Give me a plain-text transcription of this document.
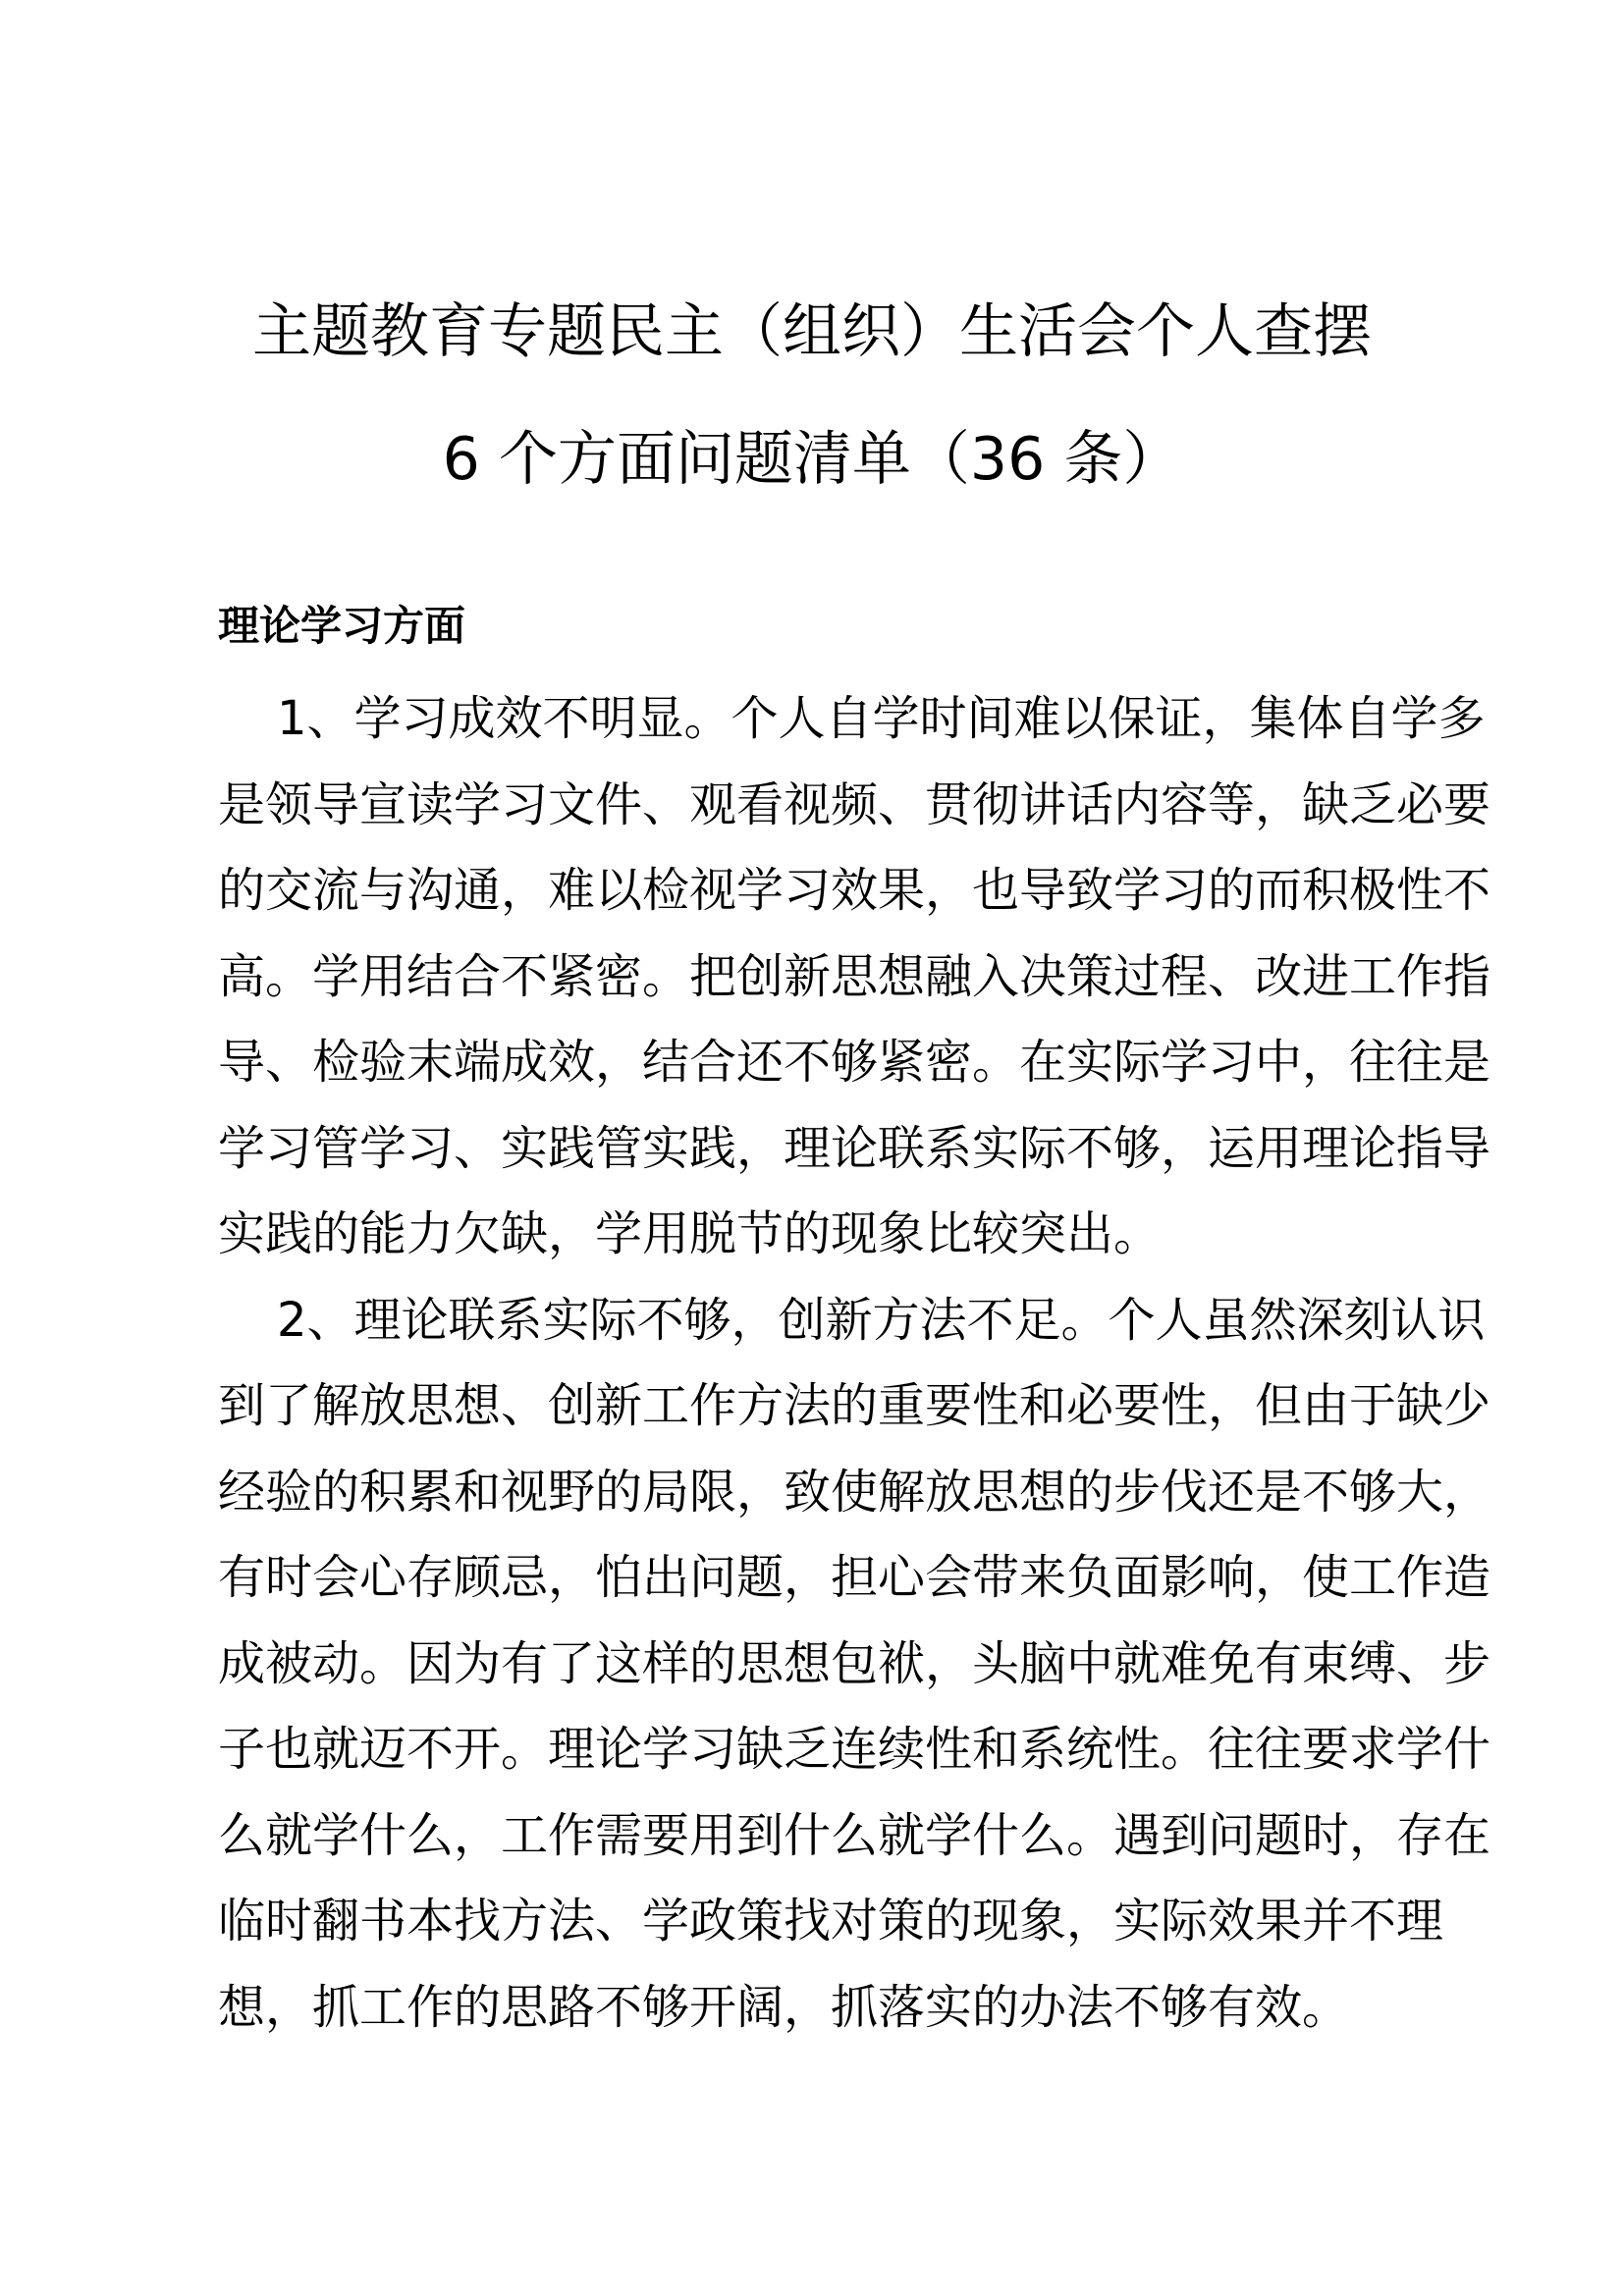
主题教育专题民主（组织）生活会个人查摆
6 个方面问题清单（36 条）
理论学习方面
1、学习成效不明显。个人自学时间难以保证，集体自学多
是领导宣读学习文件、观看视频、贯彻讲话内容等，缺乏必要
的交流与沟通，难以检视学习效果，也导致学习的而积极性不
高。学用结合不紧密。把创新思想融入决策过程、改进工作指
导、检验末端成效，结合还不够紧密。在实际学习中，往往是
学习管学习、实践管实践，理论联系实际不够，运用理论指导
实践的能力欠缺，学用脱节的现象比较突出。
2、理论联系实际不够，创新方法不足。个人虽然深刻认识
到了解放思想、创新工作方法的重要性和必要性，但由于缺少
经验的积累和视野的局限，致使解放思想的步伐还是不够大，
有时会心存顾忌，怕出问题，担心会带来负面影响，使工作造
成被动。因为有了这样的思想包袱，头脑中就难免有束缚、步
子也就迈不开。理论学习缺乏连续性和系统性。往往要求学什
么就学什么，工作需要用到什么就学什么。遇到问题时，存在
临时翻书本找方法、学政策找对策的现象，实际效果并不理
想，抓工作的思路不够开阔，抓落实的办法不够有效。
